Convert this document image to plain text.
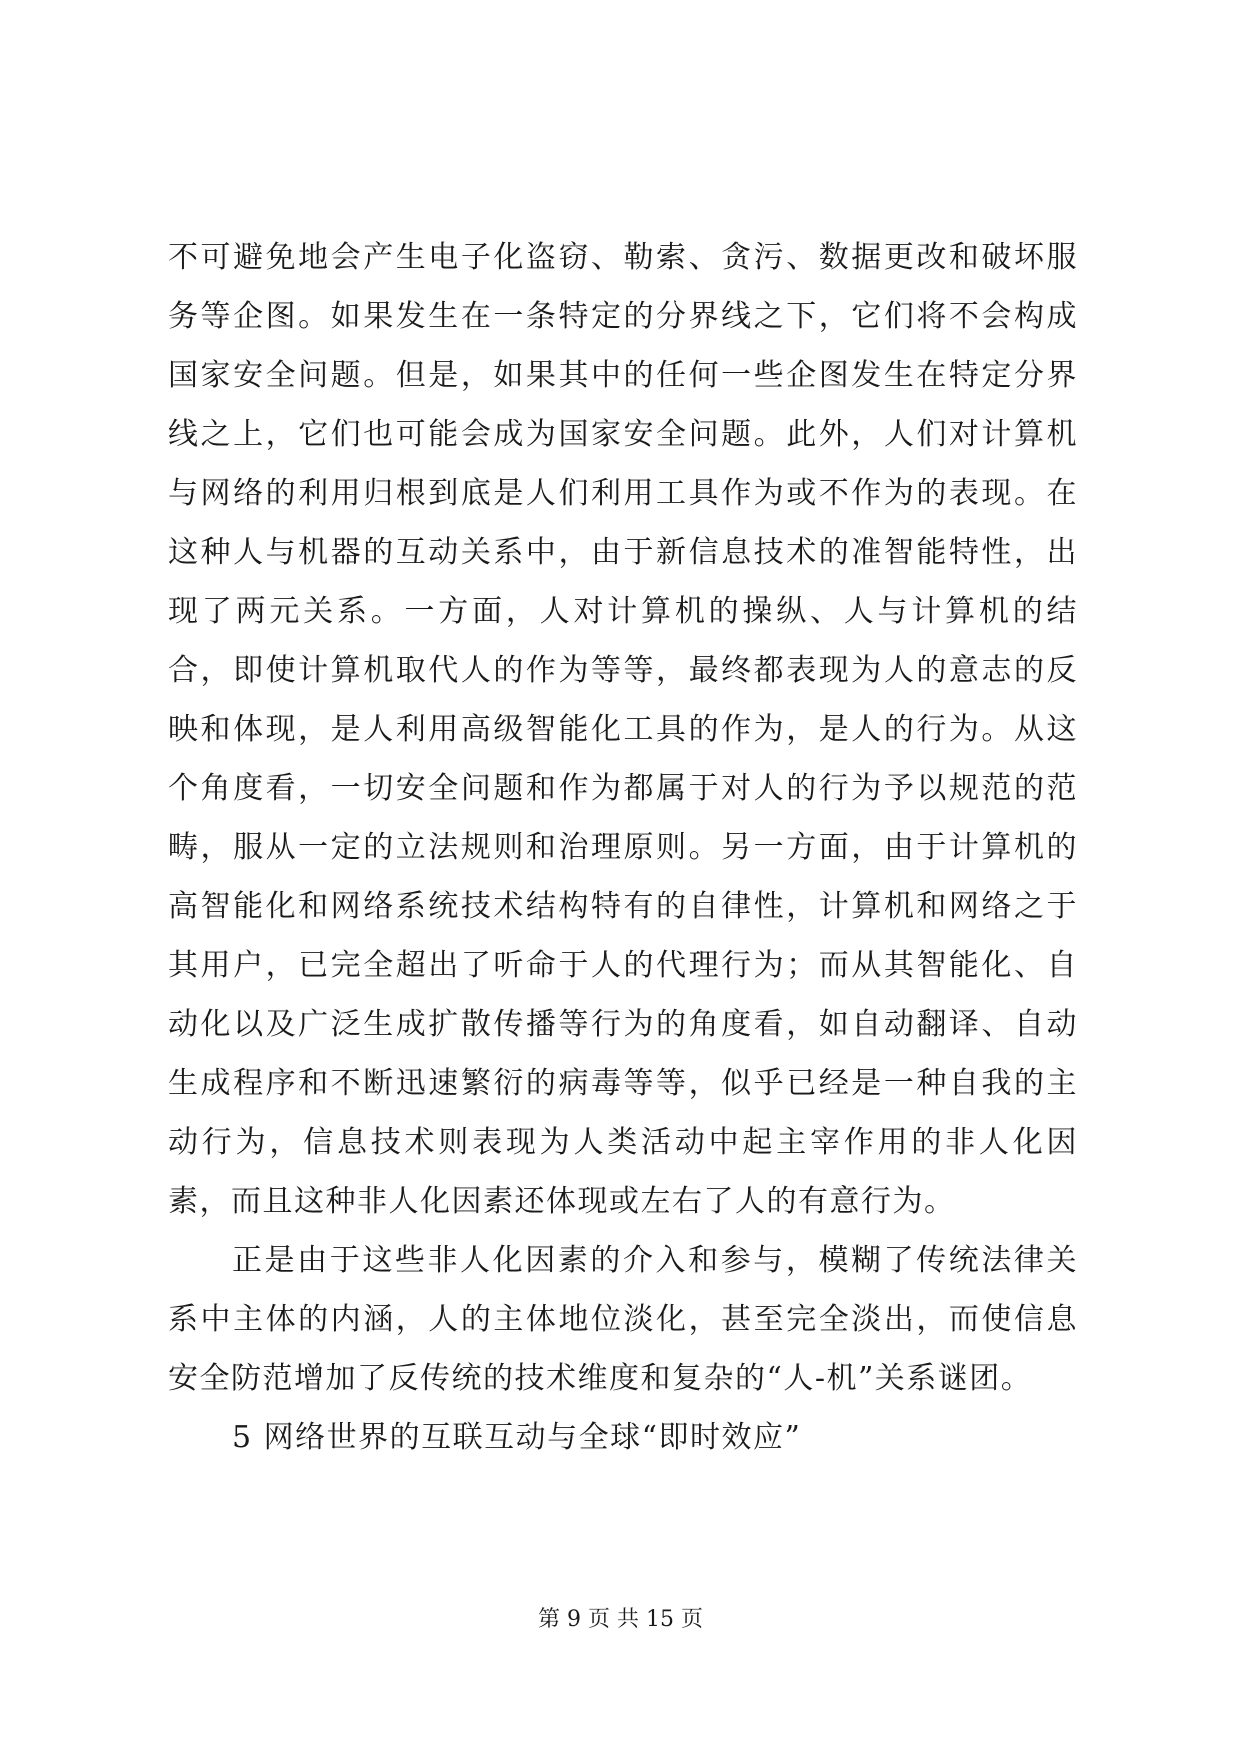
不可避免地会产生电子化盗窃、勒索、贪污、数据更改和破坏服务等企图。如果发生在一条特定的分界线之下，它们将不会构成国家安全问题。但是，如果其中的任何一些企图发生在特定分界线之上，它们也可能会成为国家安全问题。此外，人们对计算机与网络的利用归根到底是人们利用工具作为或不作为的表现。在这种人与机器的互动关系中，由于新信息技术的准智能特性，出现了两元关系。一方面，人对计算机的操纵、人与计算机的结合，即使计算机取代人的作为等等，最终都表现为人的意志的反映和体现，是人利用高级智能化工具的作为，是人的行为。从这个角度看，一切安全问题和作为都属于对人的行为予以规范的范畴，服从一定的立法规则和治理原则。另一方面，由于计算机的高智能化和网络系统技术结构特有的自律性，计算机和网络之于其用户，已完全超出了听命于人的代理行为；而从其智能化、自动化以及广泛生成扩散传播等行为的角度看，如自动翻译、自动生成程序和不断迅速繁衍的病毒等等，似乎已经是一种自我的主动行为，信息技术则表现为人类活动中起主宰作用的非人化因素，而且这种非人化因素还体现或左右了人的有意行为。

正是由于这些非人化因素的介入和参与，模糊了传统法律关系中主体的内涵，人的主体地位淡化，甚至完全淡出，而使信息安全防范增加了反传统的技术维度和复杂的“人-机”关系谜团。

5 网络世界的互联互动与全球“即时效应”

第 9 页 共 15 页
